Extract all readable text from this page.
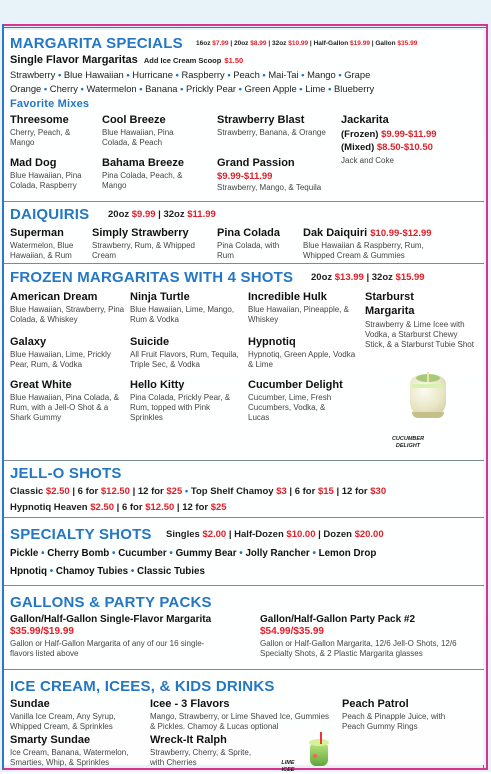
MARGARITA SPECIALS 16oz $7.99 | 20oz $8.99 | 32oz $10.99 | Half-Gallon $19.99 | Gallon $35.99
Single Flavor Margaritas Add Ice Cream Scoop $1.50
Strawberry • Blue Hawaiian • Hurricane • Raspberry • Peach • Mai-Tai • Mango • Grape
Orange • Cherry • Watermelon • Banana • Prickly Pear • Green Apple • Lime • Blueberry
Favorite Mixes
Threesome
Cherry, Peach, & Mango
Cool Breeze
Blue Hawaiian, Pina Colada, & Peach
Strawberry Blast
Strawberry, Banana, & Orange
Mad Dog
Blue Hawaiian, Pina Colada, Raspberry
Bahama Breeze
Pina Colada, Peach, & Mango
Grand Passion
$9.99-$11.99
Strawberry, Mango, & Tequila
Jackarita
(Frozen) $9.99-$11.99
(Mixed) $8.50-$10.50
Jack and Coke
DAIQUIRIS 20oz $9.99 | 32oz $11.99
Superman
Watermelon, Blue Hawaiian, & Rum
Simply Strawberry
Strawberry, Rum, & Whipped Cream
Pina Colada
Pina Colada, with Rum
Dak Daiquiri $10.99-$12.99
Blue Hawaiian & Raspberry, Rum, Whipped Cream & Gummies
FROZEN MARGARITAS WITH 4 SHOTS 20oz $13.99 | 32oz $15.99
American Dream
Blue Hawaiian, Strawberry, Pina Colada, & Whiskey
Ninja Turtle
Blue Hawaiian, Lime, Mango, Rum & Vodka
Incredible Hulk
Blue Hawaiian, Pineapple, & Whiskey
Galaxy
Blue Hawaiian, Lime, Prickly Pear, Rum, & Vodka
Suicide
All Fruit Flavors, Rum, Tequila, Triple Sec, & Vodka
Hypnotiq
Hypnotiq, Green Apple, Vodka & Lime
Great White
Blue Hawaiian, Pina Colada, & Rum, with a Jell-O Shot & a Shark Gummy
Hello Kitty
Pina Colada, Prickly Pear, & Rum, topped with Pink Sprinkles
Cucumber Delight
Cucumber, Lime, Fresh Cucumbers, Vodka, & Lucas
Starburst
Margarita
Strawberry & Lime Icee with Vodka, a Starburst Chewy Stick, & a Starburst Tubie Shot
CUCUMBER
DELIGHT
JELL-O SHOTS
Classic $2.50 | 6 for $12.50 | 12 for $25 • Top Shelf Chamoy $3 | 6 for $15 | 12 for $30
Hypnotiq Heaven $2.50 | 6 for $12.50 | 12 for $25
SPECIALTY SHOTS Singles $2.00 | Half-Dozen $10.00 | Dozen $20.00
Pickle • Cherry Bomb • Cucumber • Gummy Bear • Jolly Rancher • Lemon Drop
Hpnotiq • Chamoy Tubies • Classic Tubies
GALLONS & PARTY PACKS
Gallon/Half-Gallon Single-Flavor Margarita
$35.99/$19.99
Gallon or Half-Gallon Margarita of any of our 16 single-flavors listed above
Gallon/Half-Gallon Party Pack #2
$54.99/$35.99
Gallon or Half-Gallon Margarita, 12/6 Jell-O Shots, 12/6 Specialty Shots, & 2 Plastic Margarita glasses
ICE CREAM, ICEES, & KIDS DRINKS
Sundae
Vanilla Ice Cream, Any Syrup, Whipped Cream, & Sprinkles
Icee - 3 Flavors
Mango, Strawberry, or Lime Shaved Ice, Gummies & Pickles. Chamoy & Lucas optional
Peach Patrol
Peach & Pinapple Juice, with Peach Gummy Rings
Smarty Sundae
Ice Cream, Banana, Watermelon, Smarties, Whip, & Sprinkles
Wreck-It Ralph
Strawberry, Cherry, & Sprite, with Cherries	LIME
ICEE
